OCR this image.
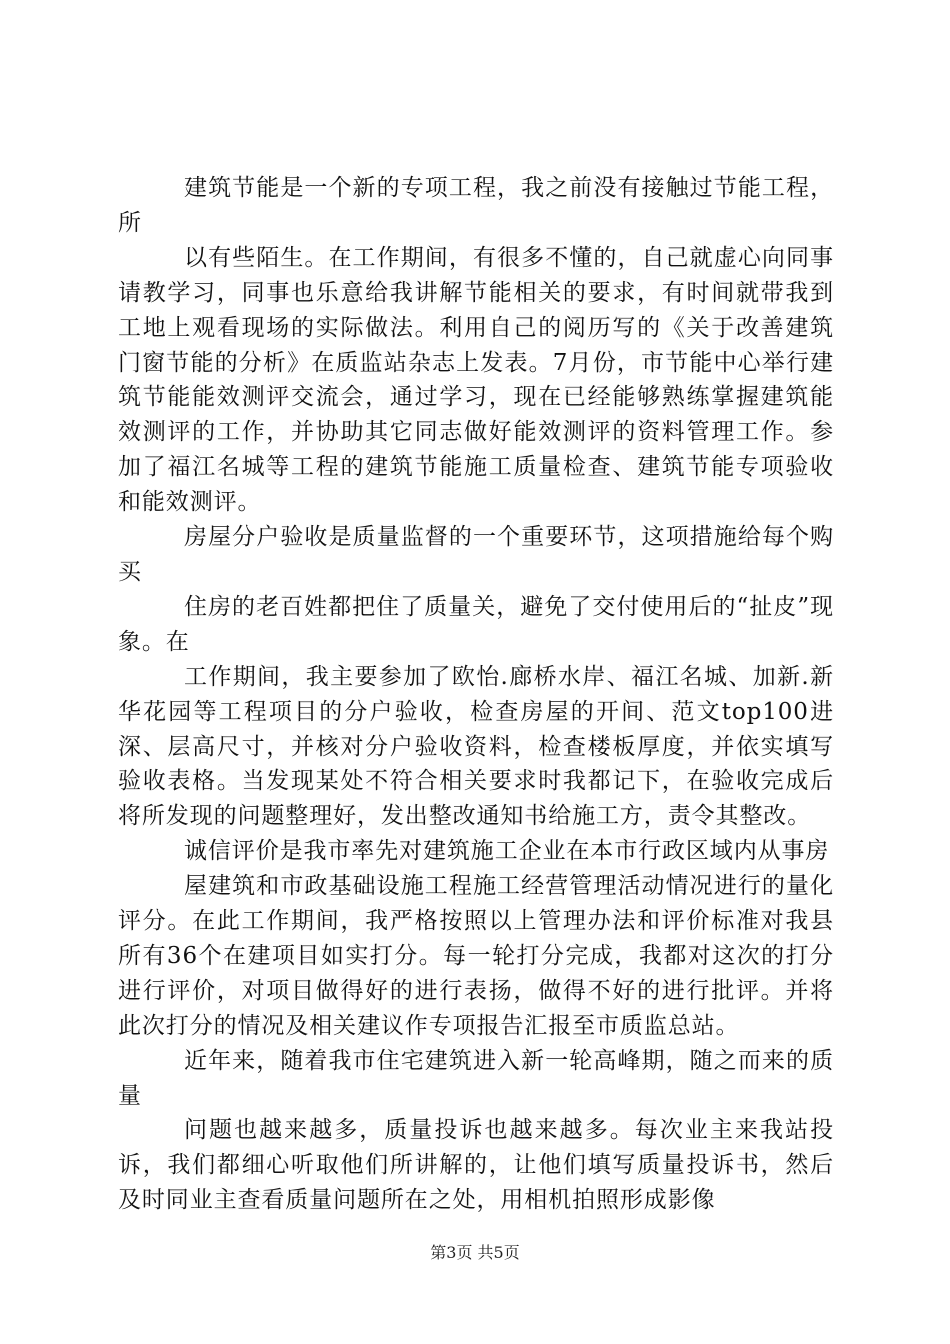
建筑节能是一个新的专项工程，我之前没有接触过节能工程，所

以有些陌生。在工作期间，有很多不懂的，自己就虚心向同事请教学习，同事也乐意给我讲解节能相关的要求，有时间就带我到工地上观看现场的实际做法。利用自己的阅历写的《关于改善建筑门窗节能的分析》在质监站杂志上发表。7月份，市节能中心举行建筑节能能效测评交流会，通过学习，现在已经能够熟练掌握建筑能效测评的工作，并协助其它同志做好能效测评的资料管理工作。参加了福江名城等工程的建筑节能施工质量检查、建筑节能专项验收和能效测评。

房屋分户验收是质量监督的一个重要环节，这项措施给每个购买

住房的老百姓都把住了质量关，避免了交付使用后的“扯皮”现象。在

工作期间，我主要参加了欧怡.廊桥水岸、福江名城、加新.新华花园等工程项目的分户验收，检查房屋的开间、范文top100进深、层高尺寸，并核对分户验收资料，检查楼板厚度，并依实填写验收表格。当发现某处不符合相关要求时我都记下，在验收完成后将所发现的问题整理好，发出整改通知书给施工方，责令其整改。

诚信评价是我市率先对建筑施工企业在本市行政区域内从事房

屋建筑和市政基础设施工程施工经营管理活动情况进行的量化评分。在此工作期间，我严格按照以上管理办法和评价标准对我县所有36个在建项目如实打分。每一轮打分完成，我都对这次的打分进行评价，对项目做得好的进行表扬，做得不好的进行批评。并将此次打分的情况及相关建议作专项报告汇报至市质监总站。

近年来，随着我市住宅建筑进入新一轮高峰期，随之而来的质量

问题也越来越多，质量投诉也越来越多。每次业主来我站投诉，我们都细心听取他们所讲解的，让他们填写质量投诉书，然后及时同业主查看质量问题所在之处，用相机拍照形成影像

第3页 共5页
